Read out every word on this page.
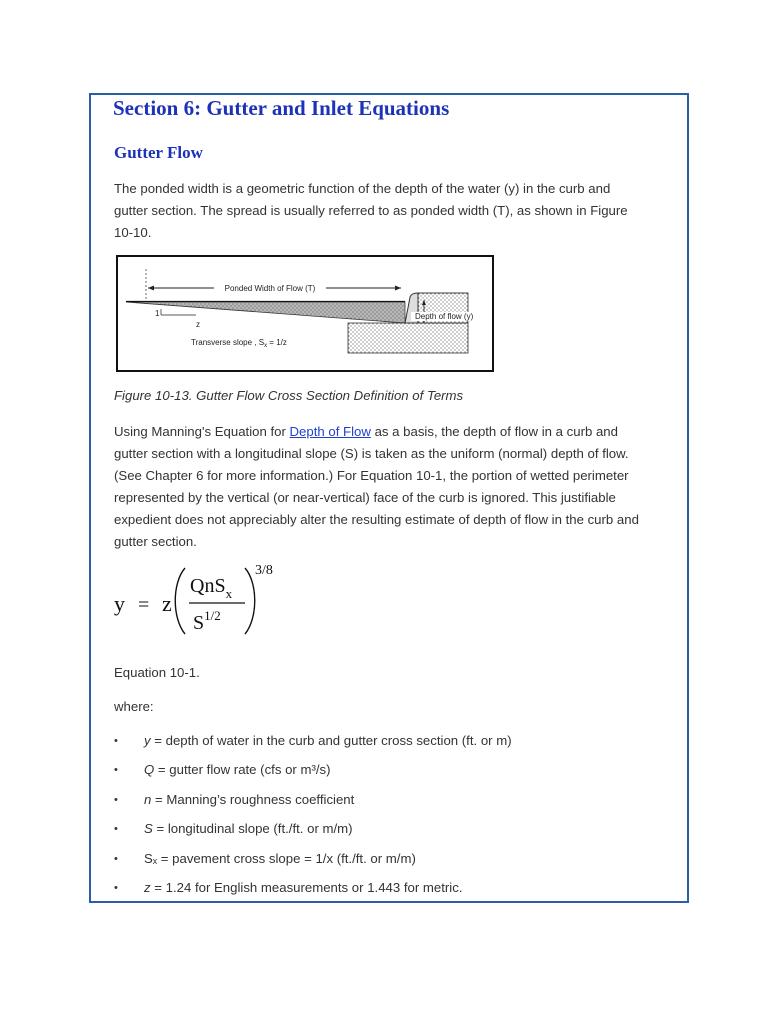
Section 6: Gutter and Inlet Equations
Gutter Flow

The ponded width is a geometric function of the depth of the water (y) in the curb and gutter section. The spread is usually referred to as ponded width (T), as shown in Figure 10-10.

Ponded Width of Flow (T)
Depth of flow (y)
1
z
Transverse slope , $S_x = 1/z$

Figure 10-13. Gutter Flow Cross Section Definition of Terms

Using Manning's Equation for Depth of Flow as a basis, the depth of flow in a curb and gutter section with a longitudinal slope (S) is taken as the uniform (normal) depth of flow. (See Chapter 6 for more information.) For Equation 10-1, the portion of wetted perimeter represented by the vertical (or near-vertical) face of the curb is ignored. This justifiable expedient does not appreciably alter the resulting estimate of depth of flow in the curb and gutter section.

y = z
QnS$_x$
$S^{1/2}$
3/8

Equation 10-1.

where:

• y = depth of water in the curb and gutter cross section (ft. or m)
• Q = gutter flow rate (cfs or m³/s)
• n = Manning’s roughness coefficient
• S = longitudinal slope (ft./ft. or m/m)
• Sₓ = pavement cross slope = 1/x (ft./ft. or m/m)
• z = 1.24 for English measurements or 1.443 for metric.
